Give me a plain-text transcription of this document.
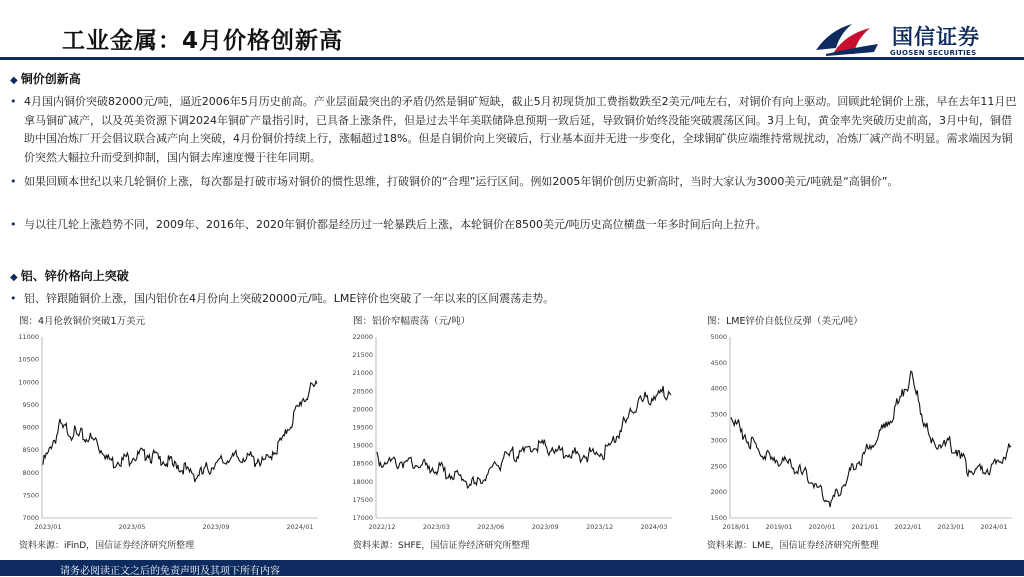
工业金属：4月价格创新高	国信证券
GUOSEN SECURITIES
◆ 铜价创新高
• 4月国内铜价突破82000元/吨，逼近2006年5月历史前高。产业层面最突出的矛盾仍然是铜矿短缺，截止5月初现货加工费指数跌至2美元/吨左右，对铜价有向上驱动。回顾此轮铜价上涨，早在去年11月巴拿马铜矿减产，以及英美资源下调2024年铜矿产量指引时，已具备上涨条件，但是过去半年美联储降息预期一致后延，导致铜价始终没能突破震荡区间。3月上旬，黄金率先突破历史前高，3月中旬，铜借助中国冶炼厂开会倡议联合减产向上突破，4月份铜价持续上行，涨幅超过18%。但是自铜价向上突破后，行业基本面并无进一步变化，全球铜矿供应端维持常规扰动，冶炼厂减产尚不明显。需求端因为铜价突然大幅拉升而受到抑制，国内铜去库速度慢于往年同期。
• 如果回顾本世纪以来几轮铜价上涨，每次都是打破市场对铜价的惯性思维，打破铜价的“合理”运行区间。例如2005年铜价创历史新高时，当时大家认为3000美元/吨就是“高铜价”。
• 与以往几轮上涨趋势不同，2009年、2016年、2020年铜价都是经历过一轮暴跌后上涨，本轮铜价在8500美元/吨历史高位横盘一年多时间后向上拉升。
◆ 铝、锌价格向上突破
• 铝、锌跟随铜价上涨，国内铝价在4月份向上突破20000元/吨。LME锌价也突破了一年以来的区间震荡走势。
图：4月伦敦铜价突破1万美元
11000
10500
10000
9500
9000
8500
8000
7500
7000
2023/01	2023/05	2023/09	2024/01
资料来源：iFinD，国信证券经济研究所整理
图：铝价窄幅震荡（元/吨）
22000
21500
21000
20500
20000
19500
19000
18500
18000
17500
17000
2022/12	2023/03	2023/06	2023/09	2023/12	2024/03
资料来源：SHFE，国信证券经济研究所整理
图：LME锌价自低位反弹（美元/吨）
5000
4500
4000
3500
3000
2500
2000
1500
2018/01 2019/01 2020/01 2021/01 2022/01 2023/01 2024/01
资料来源：LME，国信证券经济研究所整理
请务必阅读正文之后的免责声明及其项下所有内容
